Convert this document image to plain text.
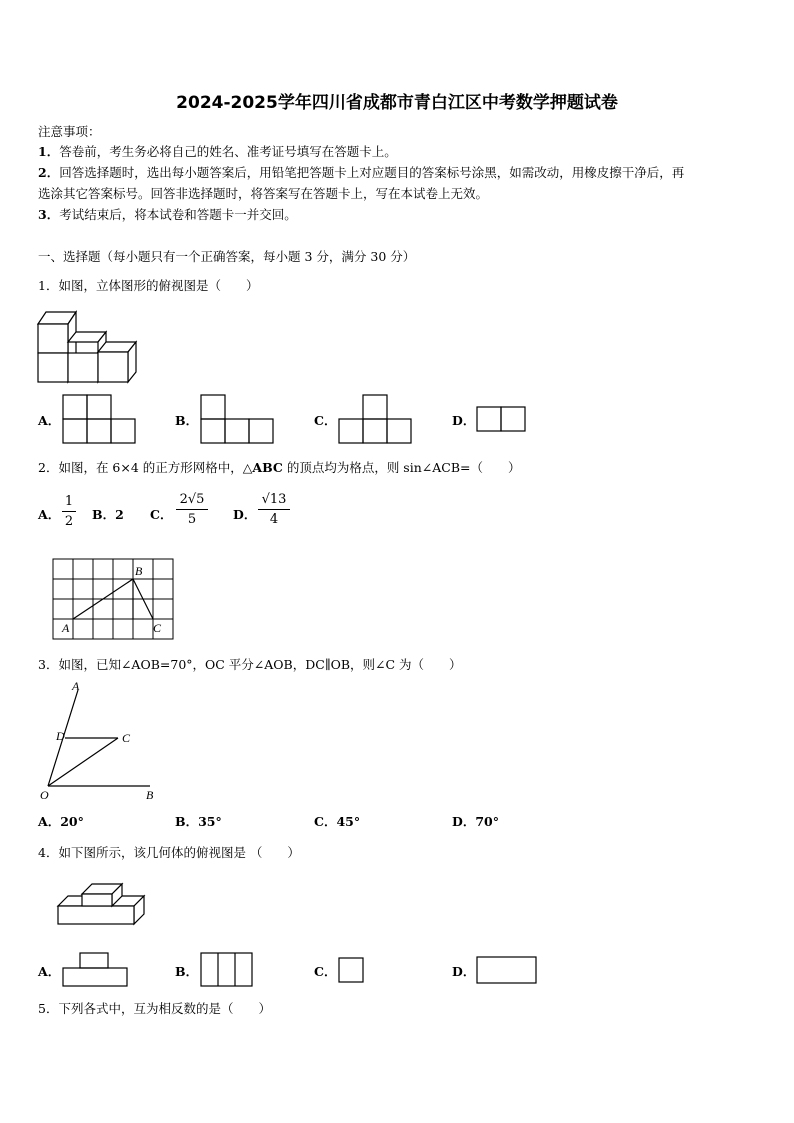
2024-2025学年四川省成都市青白江区中考数学押题试卷
注意事项：
1．答卷前，考生务必将自己的姓名、准考证号填写在答题卡上。
2．回答选择题时，选出每小题答案后，用铅笔把答题卡上对应题目的答案标号涂黑，如需改动，用橡皮擦干净后，再
选涂其它答案标号。回答非选择题时，将答案写在答题卡上，写在本试卷上无效。
3．考试结束后，将本试卷和答题卡一并交回。
一、选择题（每小题只有一个正确答案，每小题 3 分，满分 30 分）
1．如图，立体图形的俯视图是（　　）
A．	B．	C．	D．
2．如图，在 6×4 的正方形网格中，△ABC 的顶点均为格点，则 sin∠ACB=（　　）
A．
1
2 B．2 C．
2√5
5	D．
√13
4
B
A	C
3．如图，已知∠AOB=70°，OC 平分∠AOB，DC∥OB，则∠C 为（　　）
A
D	C
O	B
A．20°	B．35°	C．45°	D．70°
4．如下图所示，该几何体的俯视图是 （　　）
A．	B．	C．	D．
5．下列各式中，互为相反数的是（　　）
